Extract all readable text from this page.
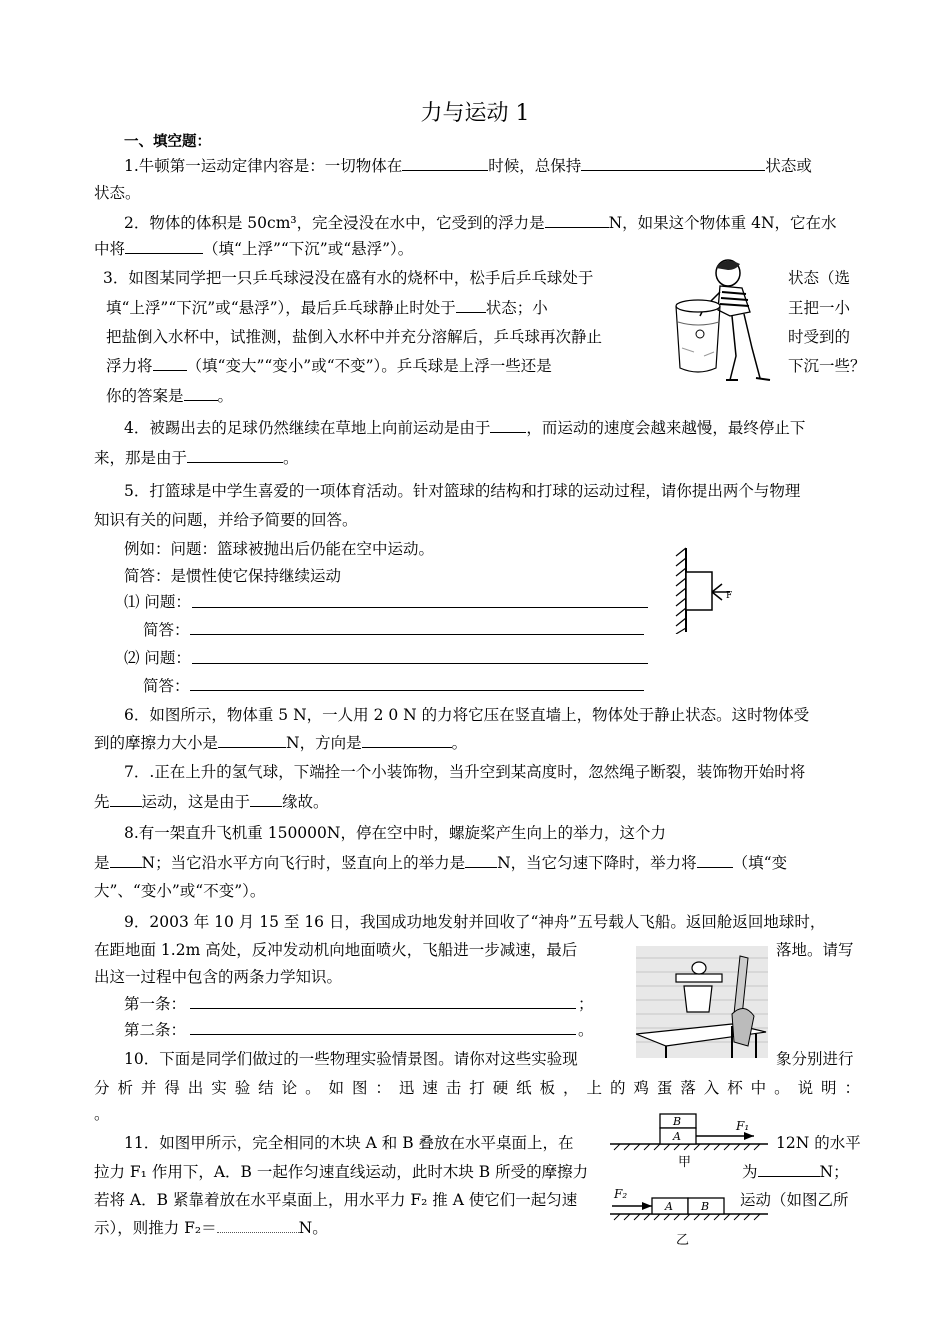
力与运动 1
一、填空题：
1.牛顿第一运动定律内容是：一切物体在	时候，总保持	状态或
状态。
2．物体的体积是 50cm³，完全浸没在水中，它受到的浮力是	N，如果这个物体重 4N，它在水
中将	（填“上浮”“下沉”或“悬浮”）。
3．如图某同学把一只乒乓球浸没在盛有水的烧杯中，松手后乒乓球处于	状态（选
填“上浮”“下沉”或“悬浮”），最后乒乓球静止时处于 状态；小	王把一小
把盐倒入水杯中，试推测，盐倒入水杯中并充分溶解后，乒乓球再次静止	时受到的
浮力将 （填“变大”“变小”或“不变”）。乒乓球是上浮一些还是	下沉一些？
你的答案是 。
4．被踢出去的足球仍然继续在草地上向前运动是由于 ，而运动的速度会越来越慢，最终停止下
来，那是由于	。
5．打篮球是中学生喜爱的一项体育活动。针对篮球的结构和打球的运动过程，请你提出两个与物理
知识有关的问题，并给予简要的回答。
例如：问题：篮球被抛出后仍能在空中运动。
简答：是惯性使它保持继续运动
⑴ 问题：
简答：
⑵ 问题：
简答：
F
6．如图所示，物体重 5 N，一人用 2 0 N 的力将它压在竖直墙上，物体处于静止状态。这时物体受
到的摩擦力大小是	N，方向是	。
7．.正在上升的氢气球，下端拴一个小装饰物，当升空到某高度时，忽然绳子断裂，装饰物开始时将
先 运动，这是由于 缘故。
8.有一架直升飞机重 150000N，停在空中时，螺旋桨产生向上的举力，这个力
是 N；当它沿水平方向飞行时，竖直向上的举力是 N，当它匀速下降时，举力将 （填“变
大”、“变小”或“不变”）。
9．2003 年 10 月 15 至 16 日，我国成功地发射并回收了“神舟”五号载人飞船。返回舱返回地球时，
在距地面 1.2m 高处，反冲发动机向地面喷火，飞船进一步减速，最后	落地。请写
出这一过程中包含的两条力学知识。
第一条：	；
第二条：	。
10．下面是同学们做过的一些物理实验情景图。请你对这些实验现	象分别进行
分析并得出实验结论。如图：迅速击打硬纸板，上的鸡蛋落入杯中。说明：
。
11．如图甲所示，完全相同的木块 A 和 B 叠放在水平桌面上，在	12N 的水平
拉力 F₁ 作用下，A．B 一起作匀速直线运动，此时木块 B 所受的摩擦力	为	N；
若将 A．B 紧靠着放在水平桌面上，用水平力 F₂ 推 A 使它们一起匀速	运动（如图乙所
示），则推力 F₂＝	N。
B
A
F₁
甲
A	B
F₂
乙
